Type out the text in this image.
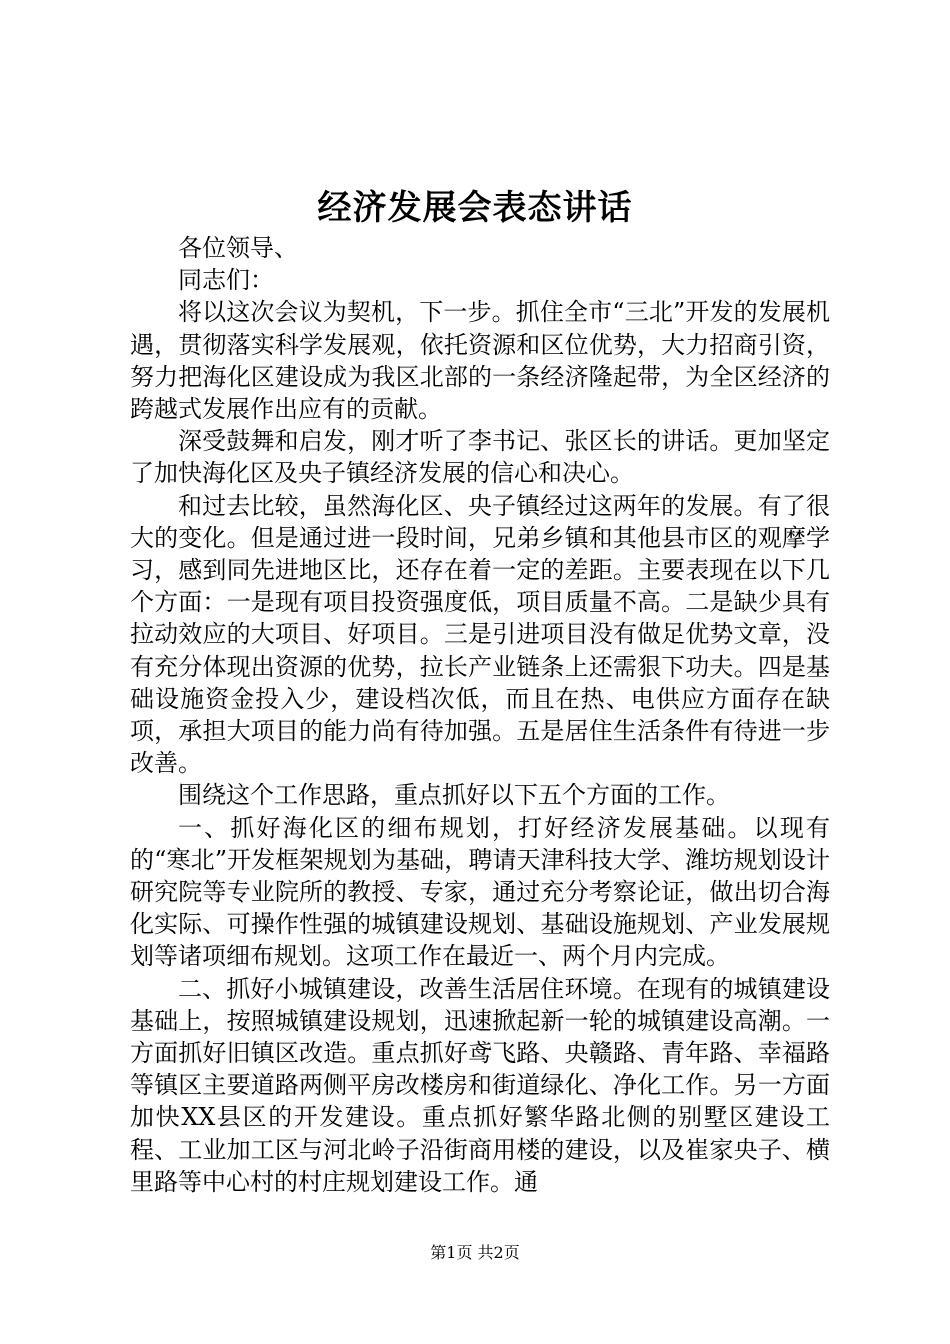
经济发展会表态讲话

各位领导、

同志们：

将以这次会议为契机，下一步。抓住全市“三北”开发的发展机遇，贯彻落实科学发展观，依托资源和区位优势，大力招商引资，努力把海化区建设成为我区北部的一条经济隆起带，为全区经济的跨越式发展作出应有的贡献。

深受鼓舞和启发，刚才听了李书记、张区长的讲话。更加坚定了加快海化区及央子镇经济发展的信心和决心。

和过去比较，虽然海化区、央子镇经过这两年的发展。有了很大的变化。但是通过进一段时间，兄弟乡镇和其他县市区的观摩学习，感到同先进地区比，还存在着一定的差距。主要表现在以下几个方面：一是现有项目投资强度低，项目质量不高。二是缺少具有拉动效应的大项目、好项目。三是引进项目没有做足优势文章，没有充分体现出资源的优势，拉长产业链条上还需狠下功夫。四是基础设施资金投入少，建设档次低，而且在热、电供应方面存在缺项，承担大项目的能力尚有待加强。五是居住生活条件有待进一步改善。

围绕这个工作思路，重点抓好以下五个方面的工作。

一、抓好海化区的细布规划，打好经济发展基础。以现有的“寒北”开发框架规划为基础，聘请天津科技大学、潍坊规划设计研究院等专业院所的教授、专家，通过充分考察论证，做出切合海化实际、可操作性强的城镇建设规划、基础设施规划、产业发展规划等诸项细布规划。这项工作在最近一、两个月内完成。

二、抓好小城镇建设，改善生活居住环境。在现有的城镇建设基础上，按照城镇建设规划，迅速掀起新一轮的城镇建设高潮。一方面抓好旧镇区改造。重点抓好鸢飞路、央赣路、青年路、幸福路等镇区主要道路两侧平房改楼房和街道绿化、净化工作。另一方面加快XX县区的开发建设。重点抓好繁华路北侧的别墅区建设工程、工业加工区与河北岭子沿街商用楼的建设，以及崔家央子、横里路等中心村的村庄规划建设工作。通

第1页 共2页
